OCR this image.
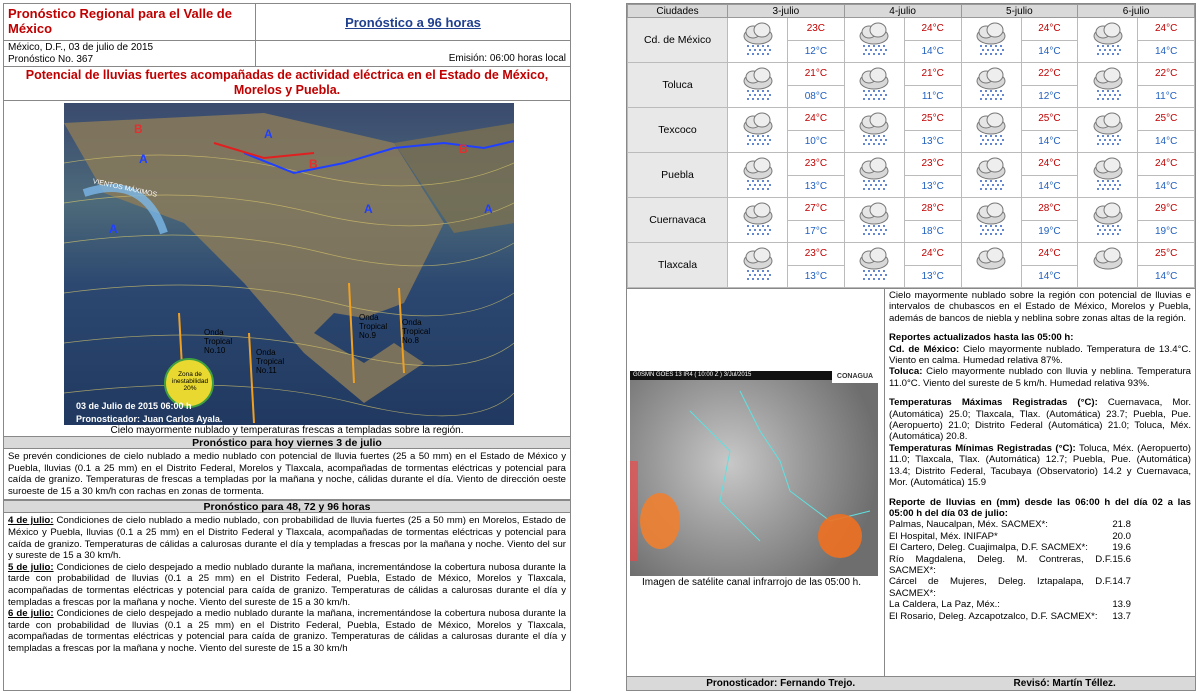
Pronóstico Regional para el Valle de México	Pronóstico a 96 horas
México, D.F., 03 de julio de 2015
Pronóstico No. 367	Emisión: 06:00 horas local
Potencial de lluvias fuertes acompañadas de actividad eléctrica en el Estado de México, Morelos y Puebla.
B
A
A
B
A
A
B
A
VIENTOS MÁXIMOS
Onda Tropical No.10	Onda Tropical No.11
Onda Tropical No.9
Onda Tropical No.8
Zona de inestabilidad 20%
03 de Julio de 2015 06:00 h
Pronosticador: Juan Carlos Ayala.
Cielo mayormente nublado y temperaturas frescas a templadas sobre la región.
Pronóstico para hoy viernes 3 de julio
Se prevén condiciones de cielo nublado a medio nublado con potencial de lluvia fuertes (25 a 50 mm) en el Estado de México y Puebla, lluvias (0.1 a 25 mm) en el Distrito Federal, Morelos y Tlaxcala, acompañadas de tormentas eléctricas y potencial para caída de granizo. Temperaturas de frescas a templadas por la mañana y noche, cálidas durante el día. Viento de dirección oeste suroeste de 15 a 30 km/h con rachas en zonas de tormenta.
Pronóstico para 48, 72 y 96 horas
4 de julio: Condiciones de cielo nublado a medio nublado, con probabilidad de lluvia fuertes (25 a 50 mm) en Morelos, Estado de México y Puebla, lluvias (0.1 a 25 mm) en el Distrito Federal y Tlaxcala, acompañadas de tormentas eléctricas y potencial para caída de granizo. Temperaturas de cálidas a calurosas durante el día y templadas a frescas por la mañana y noche. Viento del sur y sureste de 15 a 30 km/h.
5 de julio: Condiciones de cielo despejado a medio nublado durante la mañana, incrementándose la cobertura nubosa durante la tarde con probabilidad de lluvias (0.1 a 25 mm) en el Distrito Federal, Puebla, Estado de México, Morelos y Tlaxcala, acompañadas de tormentas eléctricas y potencial para caída de granizo. Temperaturas de cálidas a calurosas durante el día y templadas a frescas por la mañana y noche. Viento del sureste de 15 a 30 km/h.
6 de julio: Condiciones de cielo despejado a medio nublado durante la mañana, incrementándose la cobertura nubosa durante la tarde con probabilidad de lluvias (0.1 a 25 mm) en el Distrito Federal, Puebla, Estado de México, Morelos y Tlaxcala, acompañadas de tormentas eléctricas y potencial para caída de granizo. Temperaturas de cálidas a calurosas durante el día y templadas a frescas por la mañana y noche. Viento del sureste de 15 a 30 km/h
Ciudades	3-julio		4-julio		5-julio		6-julio	
Cd. de México		23C		24°C		24°C		24°C
		12°C		14°C		14°C		14°C
Toluca		21°C		21°C		22°C		22°C
		08°C		11°C		12°C		11°C
Texcoco		24°C		25°C		25°C		25°C
		10°C		13°C		14°C		14°C
Puebla		23°C		23°C		24°C		24°C
		13°C		13°C		14°C		14°C
Cuernavaca		27°C		28°C		28°C		29°C
		17°C		18°C		19°C		19°C
Tlaxcala		23°C		24°C		24°C		25°C
		13°C		13°C		14°C		14°C
G0SMN GOES 13 IR4 ( 10:00 Z ) 3/Jul/2015	CONAGUA
Imagen de satélite canal infrarrojo de las 05:00 h.

Cielo mayormente nublado sobre la región con potencial de lluvias e intervalos de chubascos en el Estado de México, Morelos y Puebla, además de bancos de niebla y neblina sobre zonas altas de la región.

Reportes actualizados hasta las 05:00 h:

Cd. de México: Cielo mayormente nublado. Temperatura de 13.4°C. Viento en calma. Humedad relativa 87%.

Toluca: Cielo mayormente nublado con lluvia y neblina. Temperatura 11.0°C. Viento del sureste de 5 km/h. Humedad relativa 93%.

Temperaturas Máximas Registradas (°C): Cuernavaca, Mor. (Automática) 25.0; Tlaxcala, Tlax. (Automática) 23.7; Puebla, Pue. (Aeropuerto) 21.0; Distrito Federal (Automática) 21.0; Toluca, Méx. (Automática) 20.8.

Temperaturas Mínimas Registradas (°C): Toluca, Méx. (Aeropuerto) 11.0; Tlaxcala, Tlax. (Automática) 12.7; Puebla, Pue. (Automática) 13.4; Distrito Federal, Tacubaya (Observatorio) 14.2 y Cuernavaca, Mor. (Automática) 15.9

Reporte de lluvias en (mm) desde las 06:00 h del día 02 a las 05:00 h del día 03 de julio:

Palmas, Naucalpan, Méx. SACMEX*:	21.8
El Hospital, Méx. INIFAP*	20.0
El Cartero, Deleg. Cuajimalpa, D.F. SACMEX*:	19.6
Río Magdalena, Deleg. M. Contreras, D.F. SACMEX*:
15.6
Cárcel de Mujeres, Deleg. Iztapalapa, D.F. SACMEX*:
14.7
La Caldera, La Paz, Méx.:	13.9
El Rosario, Deleg. Azcapotzalco, D.F. SACMEX*: 13.7
Pronosticador: Fernando Trejo.	Revisó: Martín Téllez.
